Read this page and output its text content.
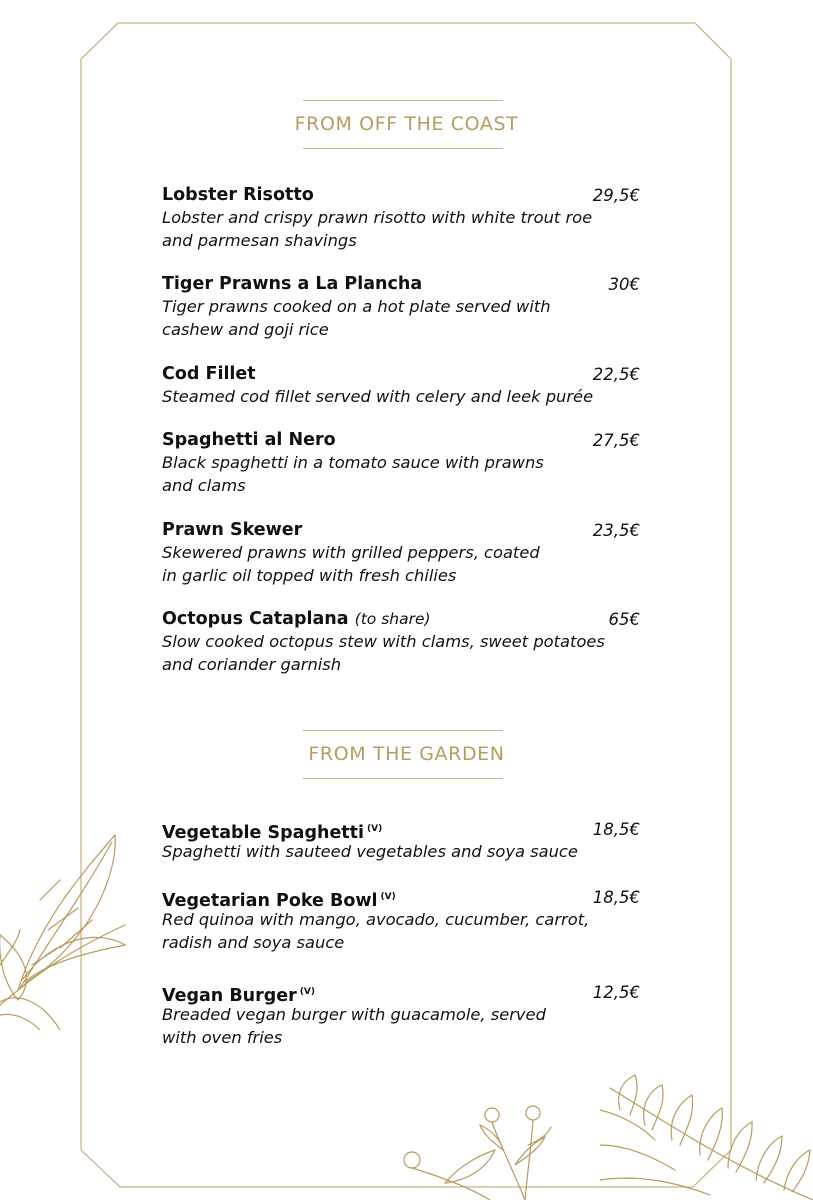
FROM OFF THE COAST
Lobster Risotto	29,5€
Lobster and crispy prawn risotto with white trout roe
and parmesan shavings
Tiger Prawns a La Plancha	30€
Tiger prawns cooked on a hot plate served with
cashew and goji rice
Cod Fillet	22,5€
Steamed cod fillet served with celery and leek purée
Spaghetti al Nero	27,5€
Black spaghetti in a tomato sauce with prawns
and clams
Prawn Skewer	23,5€
Skewered prawns with grilled peppers, coated
in garlic oil topped with fresh chilies
Octopus Cataplana (to share)	65€
Slow cooked octopus stew with clams, sweet potatoes
and coriander garnish
FROM THE GARDEN
Vegetable Spaghetti $^{(V)}$	18,5€
Spaghetti with sauteed vegetables and soya sauce
Vegetarian Poke Bowl $^{(V)}$	18,5€
Red quinoa with mango, avocado, cucumber, carrot,
radish and soya sauce
Vegan Burger $^{(V)}$	12,5€
Breaded vegan burger with guacamole, served
with oven fries
